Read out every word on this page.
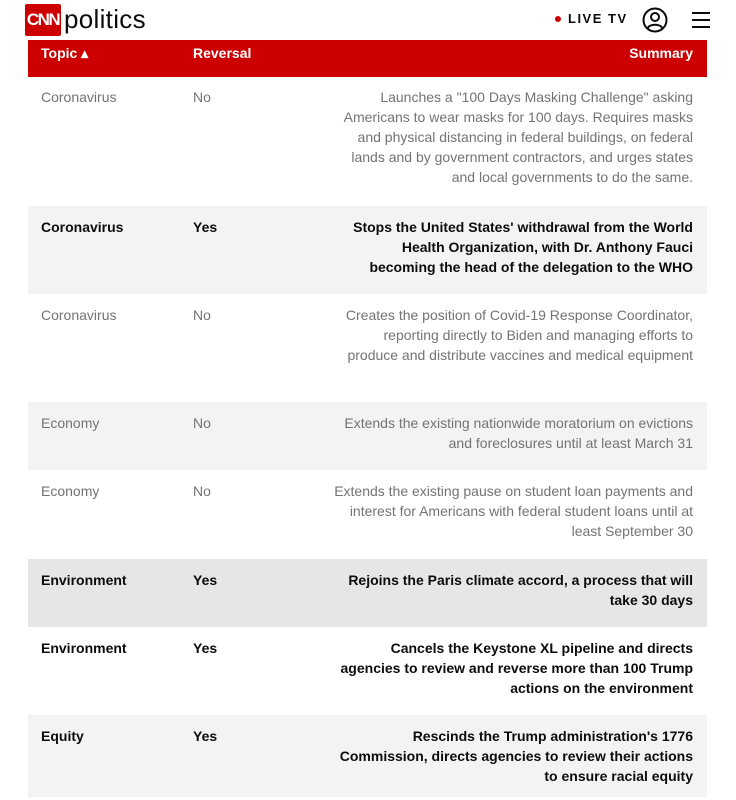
CNN politics	LIVE TV
Topic ▴	Reversal	Summary
Coronavirus	No	Launches a "100 Days Masking Challenge" asking Americans to wear masks for 100 days. Requires masks and physical distancing in federal buildings, on federal lands and by government contractors, and urges states and local governments to do the same.
Coronavirus	Yes	Stops the United States' withdrawal from the World Health Organization, with Dr. Anthony Fauci becoming the head of the delegation to the WHO
Coronavirus	No	Creates the position of Covid-19 Response Coordinator, reporting directly to Biden and managing efforts to produce and distribute vaccines and medical equipment
Economy	No	Extends the existing nationwide moratorium on evictions and foreclosures until at least March 31
Economy	No	Extends the existing pause on student loan payments and interest for Americans with federal student loans until at least September 30
Environment	Yes	Rejoins the Paris climate accord, a process that will take 30 days
Environment	Yes	Cancels the Keystone XL pipeline and directs agencies to review and reverse more than 100 Trump actions on the environment
Equity	Yes	Rescinds the Trump administration's 1776 Commission, directs agencies to review their actions to ensure racial equity
